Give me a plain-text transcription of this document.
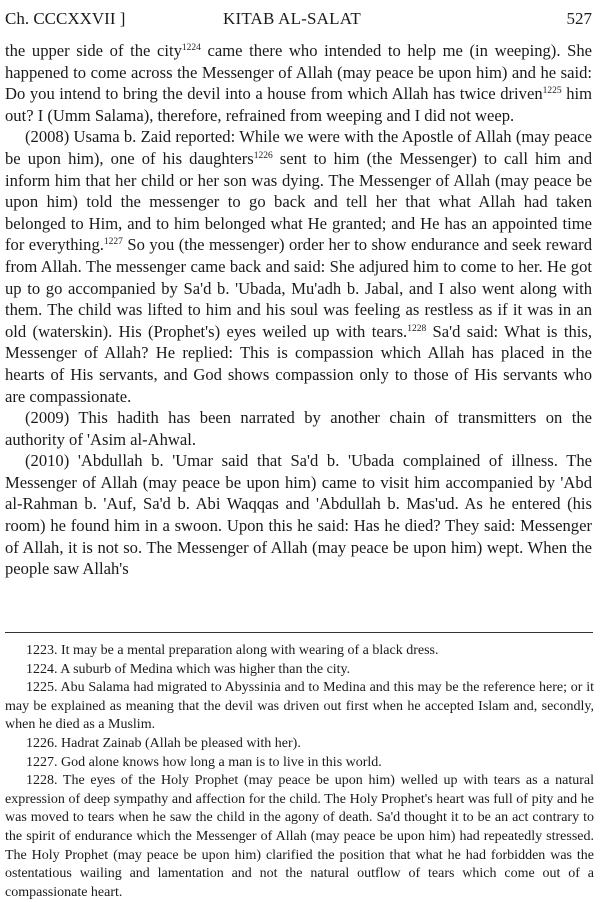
Ch. CCCXXVII ]	KITAB AL-SALAT	527

the upper side of the city$^{1224}$ came there who intended to help me (in weeping). She happened to come across the Messenger of Allah (may peace be upon him) and he said: Do you intend to bring the devil into a house from which Allah has twice driven$^{1225}$ him out? I (Umm Salama), therefore, refrained from weeping and I did not weep.

(2008) Usama b. Zaid reported: While we were with the Apostle of Allah (may peace be upon him), one of his daughters$^{1226}$ sent to him (the Messenger) to call him and inform him that her child or her son was dying. The Messenger of Allah (may peace be upon him) told the messenger to go back and tell her that what Allah had taken belonged to Him, and to him belonged what He granted; and He has an appointed time for everything.$^{1227}$ So you (the messenger) order her to show endurance and seek reward from Allah. The messenger came back and said: She adjured him to come to her. He got up to go accompanied by Sa'd b. 'Ubada, Mu'adh b. Jabal, and I also went along with them. The child was lifted to him and his soul was feeling as restless as if it was in an old (waterskin). His (Prophet's) eyes weiled up with tears.$^{1228}$ Sa'd said: What is this, Messenger of Allah? He replied: This is compassion which Allah has placed in the hearts of His servants, and God shows compassion only to those of His servants who are compassionate.

(2009) This hadith has been narrated by another chain of transmitters on the authority of 'Asim al-Ahwal.

(2010) 'Abdullah b. 'Umar said that Sa'd b. 'Ubada complained of illness. The Messenger of Allah (may peace be upon him) came to visit him accompanied by 'Abd al-Rahman b. 'Auf, Sa'd b. Abi Waqqas and 'Abdullah b. Mas'ud. As he entered (his room) he found him in a swoon. Upon this he said: Has he died? They said: Messenger of Allah, it is not so. The Messenger of Allah (may peace be upon him) wept. When the people saw Allah's

1223. It may be a mental preparation along with wearing of a black dress.

1224. A suburb of Medina which was higher than the city.

1225. Abu Salama had migrated to Abyssinia and to Medina and this may be the reference here; or it may be explained as meaning that the devil was driven out first when he accepted Islam and, secondly, when he died as a Muslim.

1226. Hadrat Zainab (Allah be pleased with her).

1227. God alone knows how long a man is to live in this world.

1228. The eyes of the Holy Prophet (may peace be upon him) welled up with tears as a natural expression of deep sympathy and affection for the child. The Holy Prophet's heart was full of pity and he was moved to tears when he saw the child in the agony of death. Sa'd thought it to be an act contrary to the spirit of endurance which the Messenger of Allah (may peace be upon him) had repeatedly stressed. The Holy Prophet (may peace be upon him) clarified the position that what he had forbidden was the ostentatious wailing and lamentation and not the natural outflow of tears which come out of a compassionate heart.
